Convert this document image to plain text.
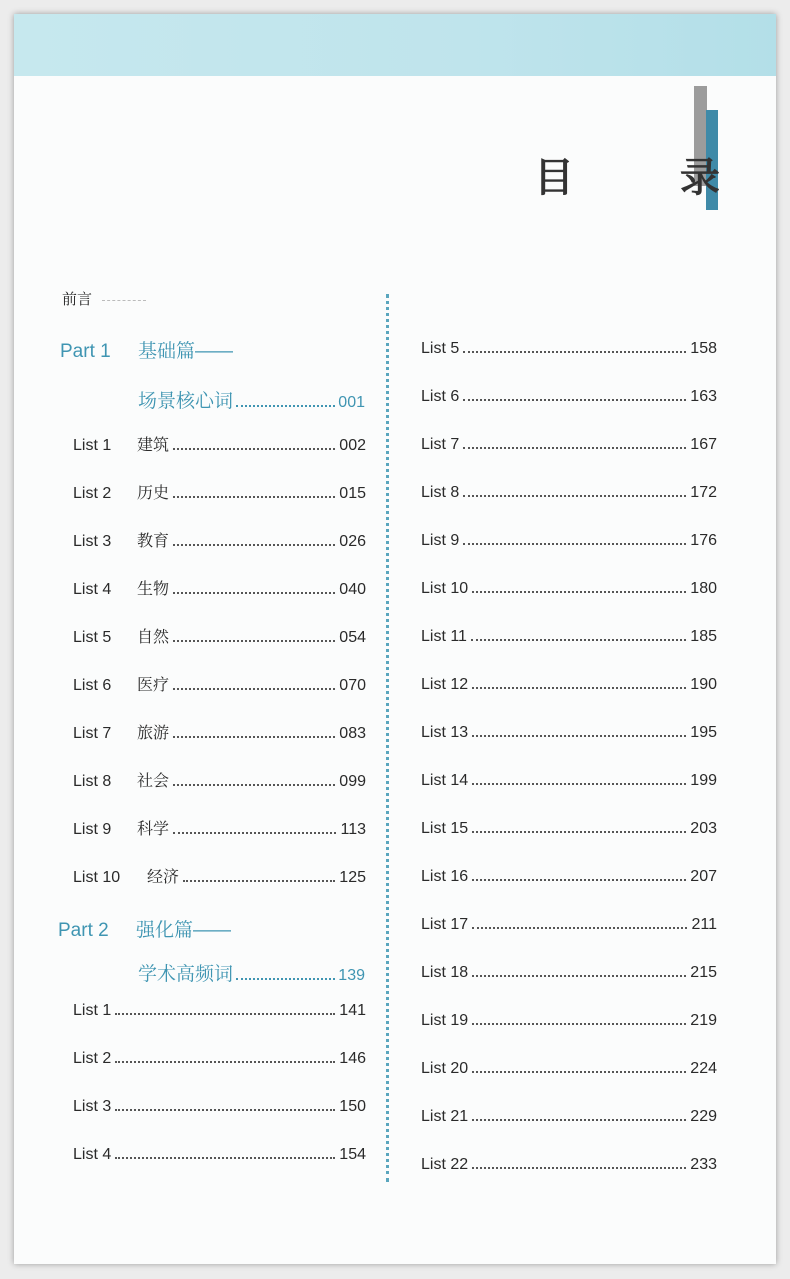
目 录
前言
Part 1 基础篇——
场景核心词	001
List 1	建筑	002
List 2	历史	015
List 3	教育	026
List 4	生物	040
List 5	自然	054
List 6	医疗	070
List 7	旅游	083
List 8	社会	099
List 9	科学	113
List 10	经济	125
Part 2 强化篇——
学术高频词	139
List 1	141
List 2	146
List 3	150
List 4	154
List 5	158
List 6	163
List 7	167
List 8	172
List 9	176
List 10	180
List 11	185
List 12	190
List 13	195
List 14	199
List 15	203
List 16	207
List 17	211
List 18	215
List 19	219
List 20	224
List 21	229
List 22	233
